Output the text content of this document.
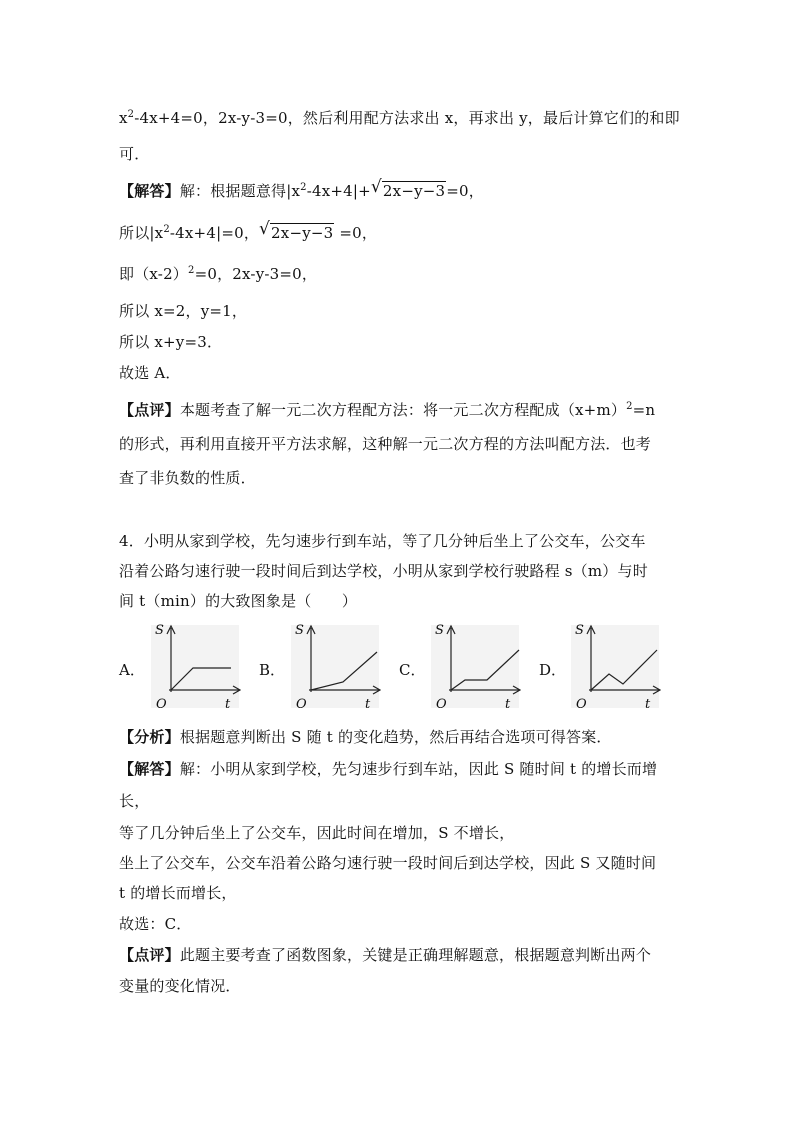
$x^2-4x+4=0$，2x-y-3=0，然后利用配方法求出 x，再求出 y，最后计算它们的和即
可．
【解答】解：根据题意得$|x^2-4x+4|+$ √ 2x−y−3=0，
所以$|x^2-4x+4|=0$， √ 2x−y−3 =0，
即$(x-2)^2=0$，2x-y-3=0，
所以 x=2，y=1，
所以 x+y=3．
故选 A．
【点评】本题考查了解一元二次方程配方法：将一元二次方程配成$(x+m)^2=n$
的形式，再利用直接开平方法求解，这种解一元二次方程的方法叫配方法．也考
查了非负数的性质．
4．小明从家到学校，先匀速步行到车站，等了几分钟后坐上了公交车，公交车
沿着公路匀速行驶一段时间后到达学校，小明从家到学校行驶路程 s（m）与时
间 t（min）的大致图象是（　　）
A．
S
t
O
B．
S
t
O
C．
S
t
O
D．
S
t
O
【分析】根据题意判断出 S 随 t 的变化趋势，然后再结合选项可得答案．
【解答】解：小明从家到学校，先匀速步行到车站，因此 S 随时间 t 的增长而增
长，
等了几分钟后坐上了公交车，因此时间在增加，S 不增长，
坐上了公交车，公交车沿着公路匀速行驶一段时间后到达学校，因此 S 又随时间
t 的增长而增长，
故选：C．
【点评】此题主要考查了函数图象，关键是正确理解题意，根据题意判断出两个
变量的变化情况．
